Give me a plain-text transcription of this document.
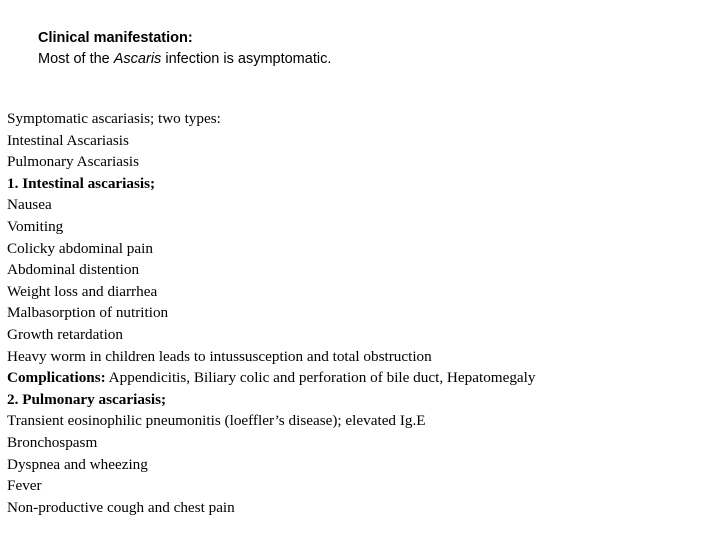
Clinical manifestation:
Most of the Ascaris infection is asymptomatic.
Symptomatic ascariasis; two types:
Intestinal Ascariasis
Pulmonary Ascariasis
1. Intestinal ascariasis;
Nausea
Vomiting
Colicky abdominal pain
Abdominal distention
Weight loss and diarrhea
Malbasorption of nutrition
Growth retardation
Heavy worm in children leads to intussusception and total obstruction
Complications: Appendicitis, Biliary colic and perforation of bile duct, Hepatomegaly
2. Pulmonary ascariasis;
Transient eosinophilic pneumonitis (loeffler’s disease); elevated Ig.E
Bronchospasm
Dyspnea and wheezing
Fever
Non-productive cough and chest pain
